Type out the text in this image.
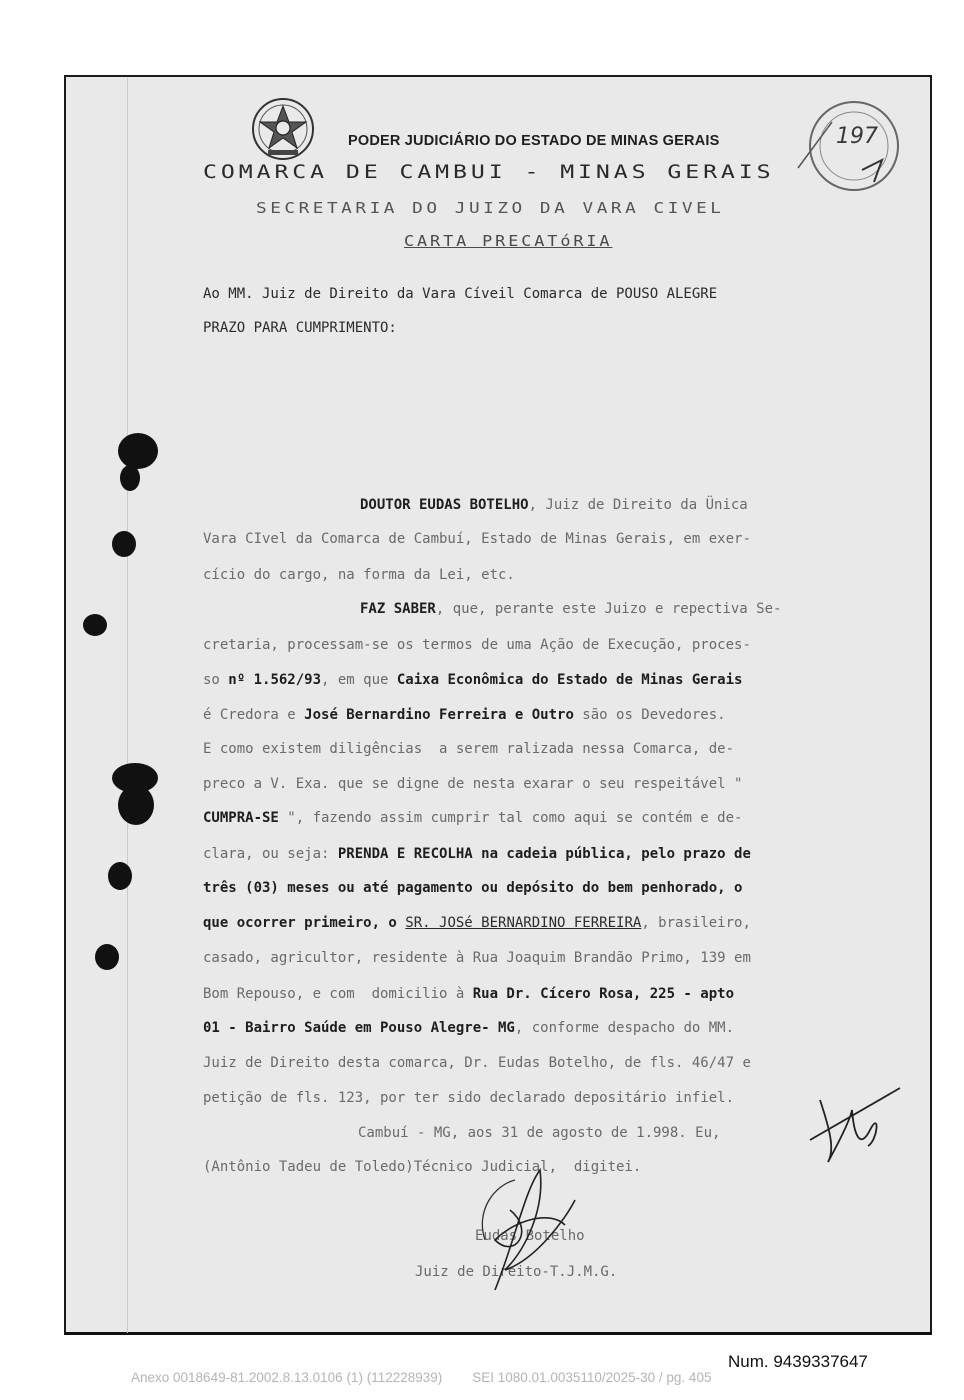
197
PODER JUDICIÁRIO DO ESTADO DE MINAS GERAIS
COMARCA DE CAMBUI - MINAS GERAIS
SECRETARIA DO JUIZO DA VARA CIVEL
CARTA PRECATóRIA
Ao MM. Juiz de Direito da Vara Cíveil Comarca de POUSO ALEGRE
PRAZO PARA CUMPRIMENTO:
DOUTOR EUDAS BOTELHO, Juiz de Direito da Ünica
Vara CIvel da Comarca de Cambuí, Estado de Minas Gerais, em exer-
cício do cargo, na forma da Lei, etc.
FAZ SABER, que, perante este Juizo e repectiva Se-
cretaria, processam-se os termos de uma Ação de Execução, proces-
so nº 1.562/93, em que Caixa Econômica do Estado de Minas Gerais
é Credora e José Bernardino Ferreira e Outro são os Devedores.
E como existem diligências  a serem ralizada nessa Comarca, de-
preco a V. Exa. que se digne de nesta exarar o seu respeitável "
CUMPRA-SE ", fazendo assim cumprir tal como aqui se contém e de-
clara, ou seja: PRENDA E RECOLHA na cadeia pública, pelo prazo de
três (03) meses ou até pagamento ou depósito do bem penhorado, o
que ocorrer primeiro, o SR. JOSé BERNARDINO FERREIRA, brasileiro,
casado, agricultor, residente à Rua Joaquim Brandão Primo, 139 em
Bom Repouso, e com  domicilio à Rua Dr. Cícero Rosa, 225 - apto
01 - Bairro Saúde em Pouso Alegre- MG, conforme despacho do MM.
Juiz de Direito desta comarca, Dr. Eudas Botelho, de fls. 46/47 e
petição de fls. 123, por ter sido declarado depositário infiel.
Cambuí - MG, aos 31 de agosto de 1.998. Eu,
(Antônio Tadeu de Toledo)Técnico Judicial,  digitei.
Eudas Botelho
Juiz de Direito-T.J.M.G.
Num. 9439337647
Anexo 0018649-81.2002.8.13.0106 (1) (112228939)        SEI 1080.01.0035110/2025-30 / pg. 405
